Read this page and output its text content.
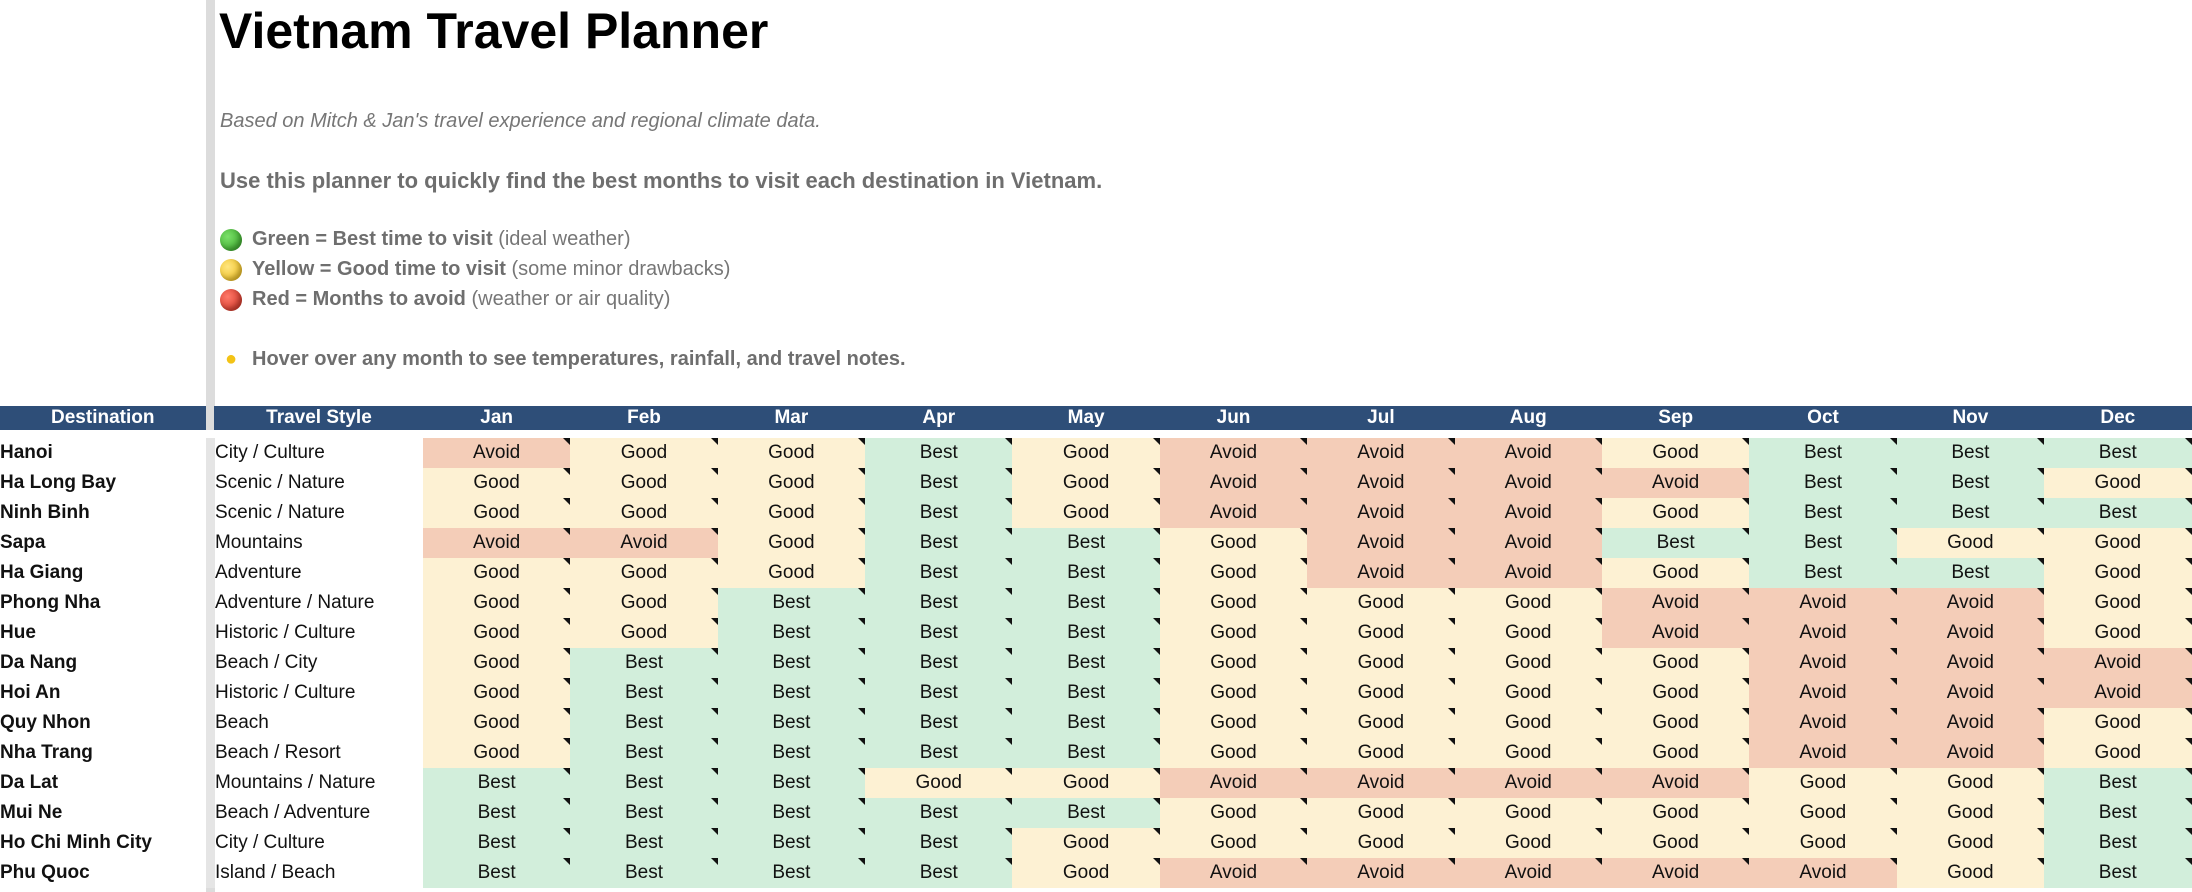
Vietnam Travel Planner
Based on Mitch & Jan's travel experience and regional climate data.
Use this planner to quickly find the best months to visit each destination in Vietnam.
Green = Best time to visit
(ideal weather)
Yellow = Good time to visit
(some minor drawbacks)
Red = Months to avoid
(weather or air quality)
● Hover over any month to see temperatures, rainfall, and travel notes.
Destination		Travel Style	Jan	Feb	Mar	Apr	May	Jun	Jul	Aug	Sep	Oct	Nov	Dec
Hanoi		City / Culture	Avoid	Good	Good	Best	Good	Avoid	Avoid	Avoid	Good	Best	Best	Best
Ha Long Bay		Scenic / Nature	Good	Good	Good	Best	Good	Avoid	Avoid	Avoid	Avoid	Best	Best	Good
Ninh Binh		Scenic / Nature	Good	Good	Good	Best	Good	Avoid	Avoid	Avoid	Good	Best	Best	Best
Sapa		Mountains	Avoid	Avoid	Good	Best	Best	Good	Avoid	Avoid	Best	Best	Good	Good
Ha Giang		Adventure	Good	Good	Good	Best	Best	Good	Avoid	Avoid	Good	Best	Best	Good
Phong Nha		Adventure / Nature	Good	Good	Best	Best	Best	Good	Good	Good	Avoid	Avoid	Avoid	Good
Hue		Historic / Culture	Good	Good	Best	Best	Best	Good	Good	Good	Avoid	Avoid	Avoid	Good
Da Nang		Beach / City	Good	Best	Best	Best	Best	Good	Good	Good	Good	Avoid	Avoid	Avoid
Hoi An		Historic / Culture	Good	Best	Best	Best	Best	Good	Good	Good	Good	Avoid	Avoid	Avoid
Quy Nhon		Beach	Good	Best	Best	Best	Best	Good	Good	Good	Good	Avoid	Avoid	Good
Nha Trang		Beach / Resort	Good	Best	Best	Best	Best	Good	Good	Good	Good	Avoid	Avoid	Good
Da Lat		Mountains / Nature	Best	Best	Best	Good	Good	Avoid	Avoid	Avoid	Avoid	Good	Good	Best
Mui Ne		Beach / Adventure	Best	Best	Best	Best	Best	Good	Good	Good	Good	Good	Good	Best
Ho Chi Minh City		City / Culture	Best	Best	Best	Best	Good	Good	Good	Good	Good	Good	Good	Best
Phu Quoc		Island / Beach	Best	Best	Best	Best	Good	Avoid	Avoid	Avoid	Avoid	Avoid	Good	Best
